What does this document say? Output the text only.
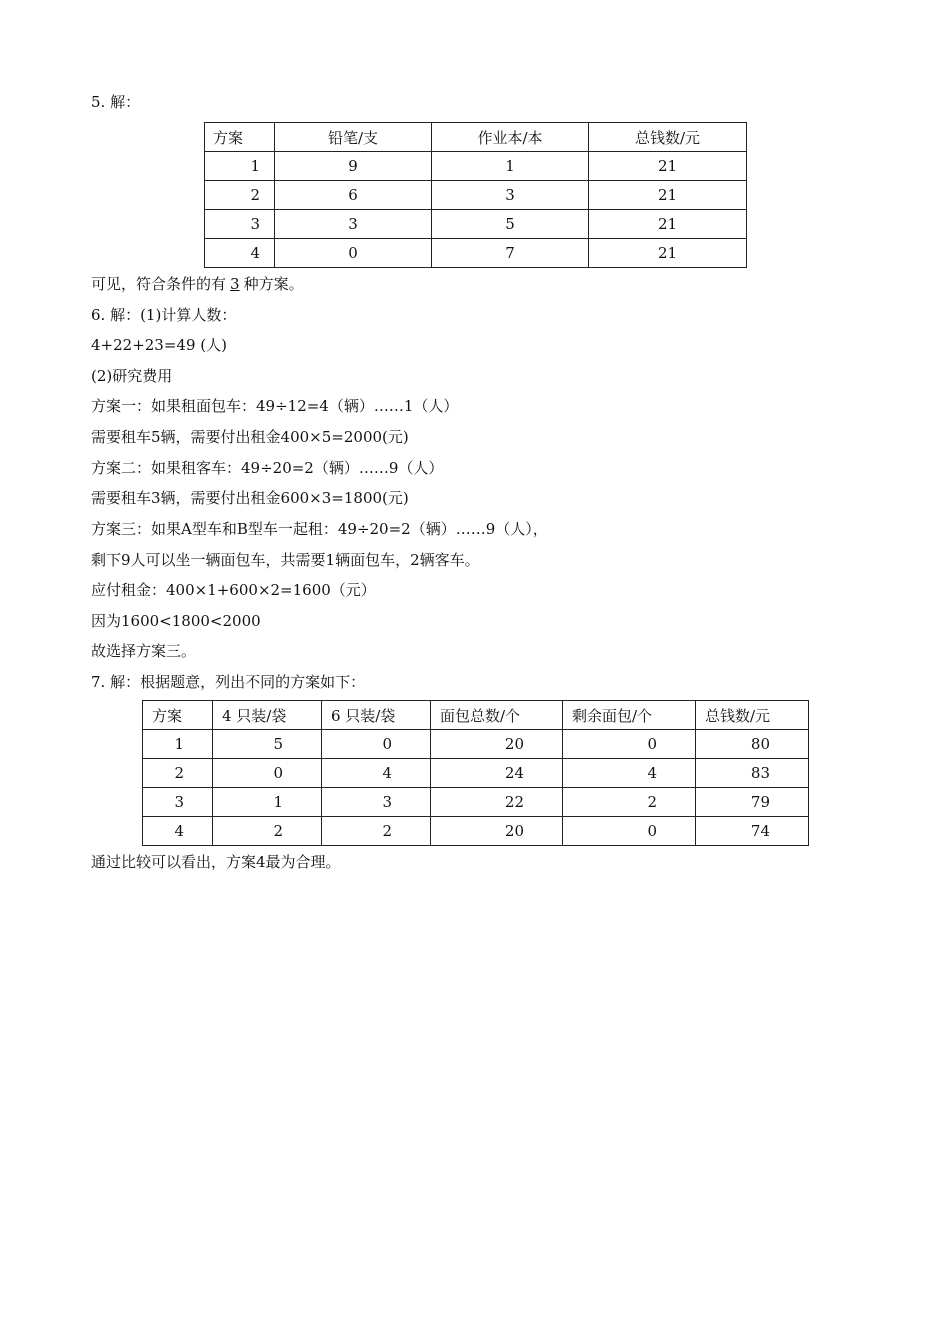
5. 解：
方案	铅笔/支	作业本/本	总钱数/元
1	9	1	21
2	6	3	21
3	3	5	21
4	0	7	21
可见，符合条件的有 3 种方案。
6. 解：(1)计算人数：
4+22+23=49 (人)
(2)研究费用
方案一：如果租面包车：49÷12=4（辆）……1（人）
需要租车5辆，需要付出租金400×5=2000(元)
方案二：如果租客车：49÷20=2（辆）……9（人）
需要租车3辆，需要付出租金600×3=1800(元)
方案三：如果A型车和B型车一起租：49÷20=2（辆）……9（人），
剩下9人可以坐一辆面包车，共需要1辆面包车，2辆客车。
应付租金：400×1+600×2=1600（元）
因为1600<1800<2000
故选择方案三。
7. 解：根据题意，列出不同的方案如下：
方案	4 只装/袋	6 只装/袋	面包总数/个	剩余面包/个	总钱数/元
1	5	0	20	0	80
2	0	4	24	4	83
3	1	3	22	2	79
4	2	2	20	0	74
通过比较可以看出，方案4最为合理。
